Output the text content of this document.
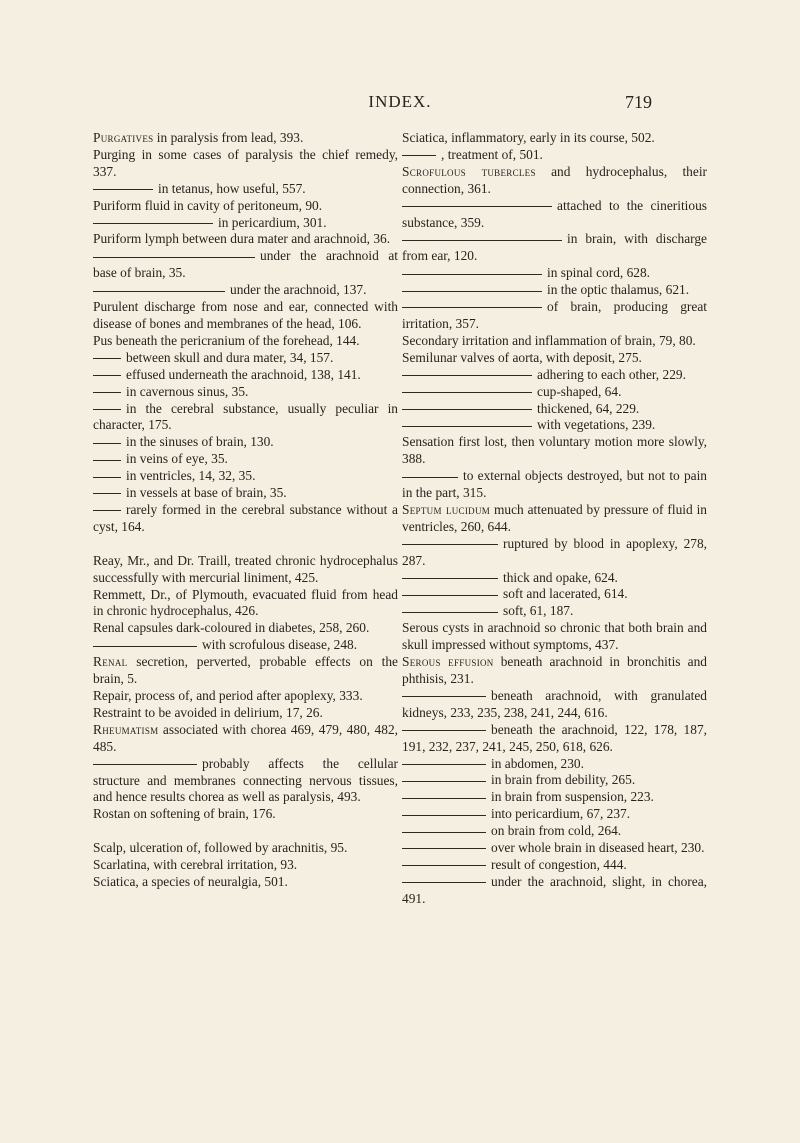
INDEX.	719

Purgatives in paralysis from lead, 393.

Purging in some cases of paralysis the chief remedy, 337.

in tetanus, how useful, 557.

Puriform fluid in cavity of peritoneum, 90.

in pericardium, 301.

Puriform lymph between dura mater and arachnoid, 36.

under the arachnoid at base of brain, 35.

under the arachnoid, 137.

Purulent discharge from nose and ear, connected with disease of bones and membranes of the head, 106.

Pus beneath the pericranium of the forehead, 144.

between skull and dura mater, 34, 157.

effused underneath the arachnoid, 138, 141.

in cavernous sinus, 35.

in the cerebral substance, usually peculiar in character, 175.

in the sinuses of brain, 130.

in veins of eye, 35.

in ventricles, 14, 32, 35.

in vessels at base of brain, 35.

rarely formed in the cerebral substance without a cyst, 164.

Reay, Mr., and Dr. Traill, treated chronic hydrocephalus successfully with mercurial liniment, 425.

Remmett, Dr., of Plymouth, evacuated fluid from head in chronic hydrocephalus, 426.

Renal capsules dark-coloured in diabetes, 258, 260.

with scrofulous disease, 248.

Renal secretion, perverted, probable effects on the brain, 5.

Repair, process of, and period after apoplexy, 333.

Restraint to be avoided in delirium, 17, 26.

Rheumatism associated with chorea 469, 479, 480, 482, 485.

probably affects the cellular structure and membranes connecting nervous tissues, and hence results chorea as well as paralysis, 493.

Rostan on softening of brain, 176.

Scalp, ulceration of, followed by arachnitis, 95.

Scarlatina, with cerebral irritation, 93.

Sciatica, a species of neuralgia, 501.

Sciatica, inflammatory, early in its course, 502.

, treatment of, 501.

Scrofulous tubercles and hydrocephalus, their connection, 361.

attached to the cineritious substance, 359.

in brain, with discharge from ear, 120.

in spinal cord, 628.

in the optic thalamus, 621.

of brain, producing great irritation, 357.

Secondary irritation and inflammation of brain, 79, 80.

Semilunar valves of aorta, with deposit, 275.

adhering to each other, 229.

cup-shaped, 64.

thickened, 64, 229.

with vegetations, 239.

Sensation first lost, then voluntary motion more slowly, 388.

to external objects destroyed, but not to pain in the part, 315.

Septum lucidum much attenuated by pressure of fluid in ventricles, 260, 644.

ruptured by blood in apoplexy, 278, 287.

thick and opake, 624.

soft and lacerated, 614.

soft, 61, 187.

Serous cysts in arachnoid so chronic that both brain and skull impressed without symptoms, 437.

Serous effusion beneath arachnoid in bronchitis and phthisis, 231.

beneath arachnoid, with granulated kidneys, 233, 235, 238, 241, 244, 616.

beneath the arachnoid, 122, 178, 187, 191, 232, 237, 241, 245, 250, 618, 626.

in abdomen, 230.

in brain from debility, 265.

in brain from suspension, 223.

into pericardium, 67, 237.

on brain from cold, 264.

over whole brain in diseased heart, 230.

result of congestion, 444.

under the arachnoid, slight, in chorea, 491.
